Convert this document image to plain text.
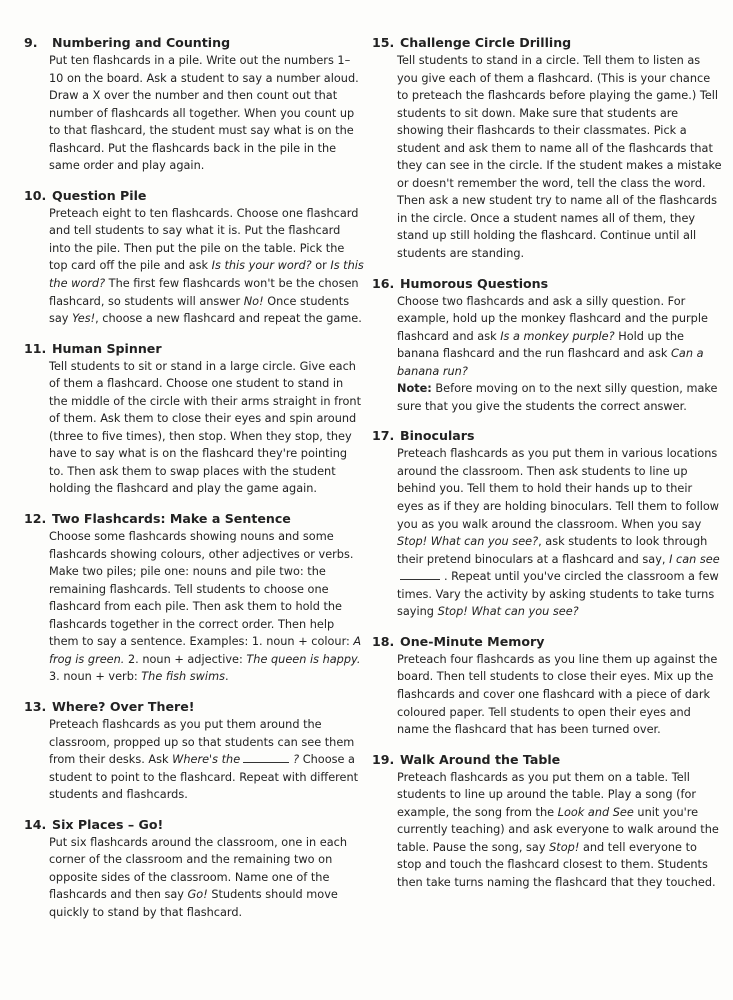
9. Numbering and Counting

Put ten flashcards in a pile. Write out the numbers 1–10 on the board. Ask a student to say a number aloud. Draw a X over the number and then count out that number of flashcards all together. When you count up to that flashcard, the student must say what is on the flashcard. Put the flashcards back in the pile in the same order and play again.

10. Question Pile

Preteach eight to ten flashcards. Choose one flashcard and tell students to say what it is. Put the flashcard into the pile. Then put the pile on the table. Pick the top card off the pile and ask Is this your word? or Is this the word? The first few flashcards won't be the chosen flashcard, so students will answer No! Once students say Yes!, choose a new flashcard and repeat the game.

11. Human Spinner

Tell students to sit or stand in a large circle. Give each of them a flashcard. Choose one student to stand in the middle of the circle with their arms straight in front of them. Ask them to close their eyes and spin around (three to five times), then stop. When they stop, they have to say what is on the flashcard they're pointing to. Then ask them to swap places with the student holding the flashcard and play the game again.

12. Two Flashcards: Make a Sentence

Choose some flashcards showing nouns and some flashcards showing colours, other adjectives or verbs. Make two piles; pile one: nouns and pile two: the remaining flashcards. Tell students to choose one flashcard from each pile. Then ask them to hold the flashcards together in the correct order. Then help them to say a sentence. Examples: 1. noun + colour: A frog is green. 2. noun + adjective: The queen is happy. 3. noun + verb: The fish swims.

13. Where? Over There!

Preteach flashcards as you put them around the classroom, propped up so that students can see them from their desks. Ask Where's the	? Choose a student to point to the flashcard. Repeat with different students and flashcards.

14. Six Places – Go!

Put six flashcards around the classroom, one in each corner of the classroom and the remaining two on opposite sides of the classroom. Name one of the flashcards and then say Go! Students should move quickly to stand by that flashcard.

15. Challenge Circle Drilling

Tell students to stand in a circle. Tell them to listen as you give each of them a flashcard. (This is your chance to preteach the flashcards before playing the game.) Tell students to sit down. Make sure that students are showing their flashcards to their classmates. Pick a student and ask them to name all of the flashcards that they can see in the circle. If the student makes a mistake or doesn't remember the word, tell the class the word. Then ask a new student try to name all of the flashcards in the circle. Once a student names all of them, they stand up still holding the flashcard. Continue until all students are standing.

16. Humorous Questions

Choose two flashcards and ask a silly question. For example, hold up the monkey flashcard and the purple flashcard and ask Is a monkey purple? Hold up the banana flashcard and the run flashcard and ask Can a banana run?

Note: Before moving on to the next silly question, make sure that you give the students the correct answer.

17. Binoculars

Preteach flashcards as you put them in various locations around the classroom. Then ask students to line up behind you. Tell them to hold their hands up to their eyes as if they are holding binoculars. Tell them to follow you as you walk around the classroom. When you say Stop! What can you see?, ask students to look through their pretend binoculars at a flashcard and say, I can see. Repeat until you've circled the classroom a few times. Vary the activity by asking students to take turns saying Stop! What can you see?

18. One-Minute Memory

Preteach four flashcards as you line them up against the board. Then tell students to close their eyes. Mix up the flashcards and cover one flashcard with a piece of dark coloured paper. Tell students to open their eyes and name the flashcard that has been turned over.

19. Walk Around the Table

Preteach flashcards as you put them on a table. Tell students to line up around the table. Play a song (for example, the song from the Look and See unit you're currently teaching) and ask everyone to walk around the table. Pause the song, say Stop! and tell everyone to stop and touch the flashcard closest to them. Students then take turns naming the flashcard that they touched.
